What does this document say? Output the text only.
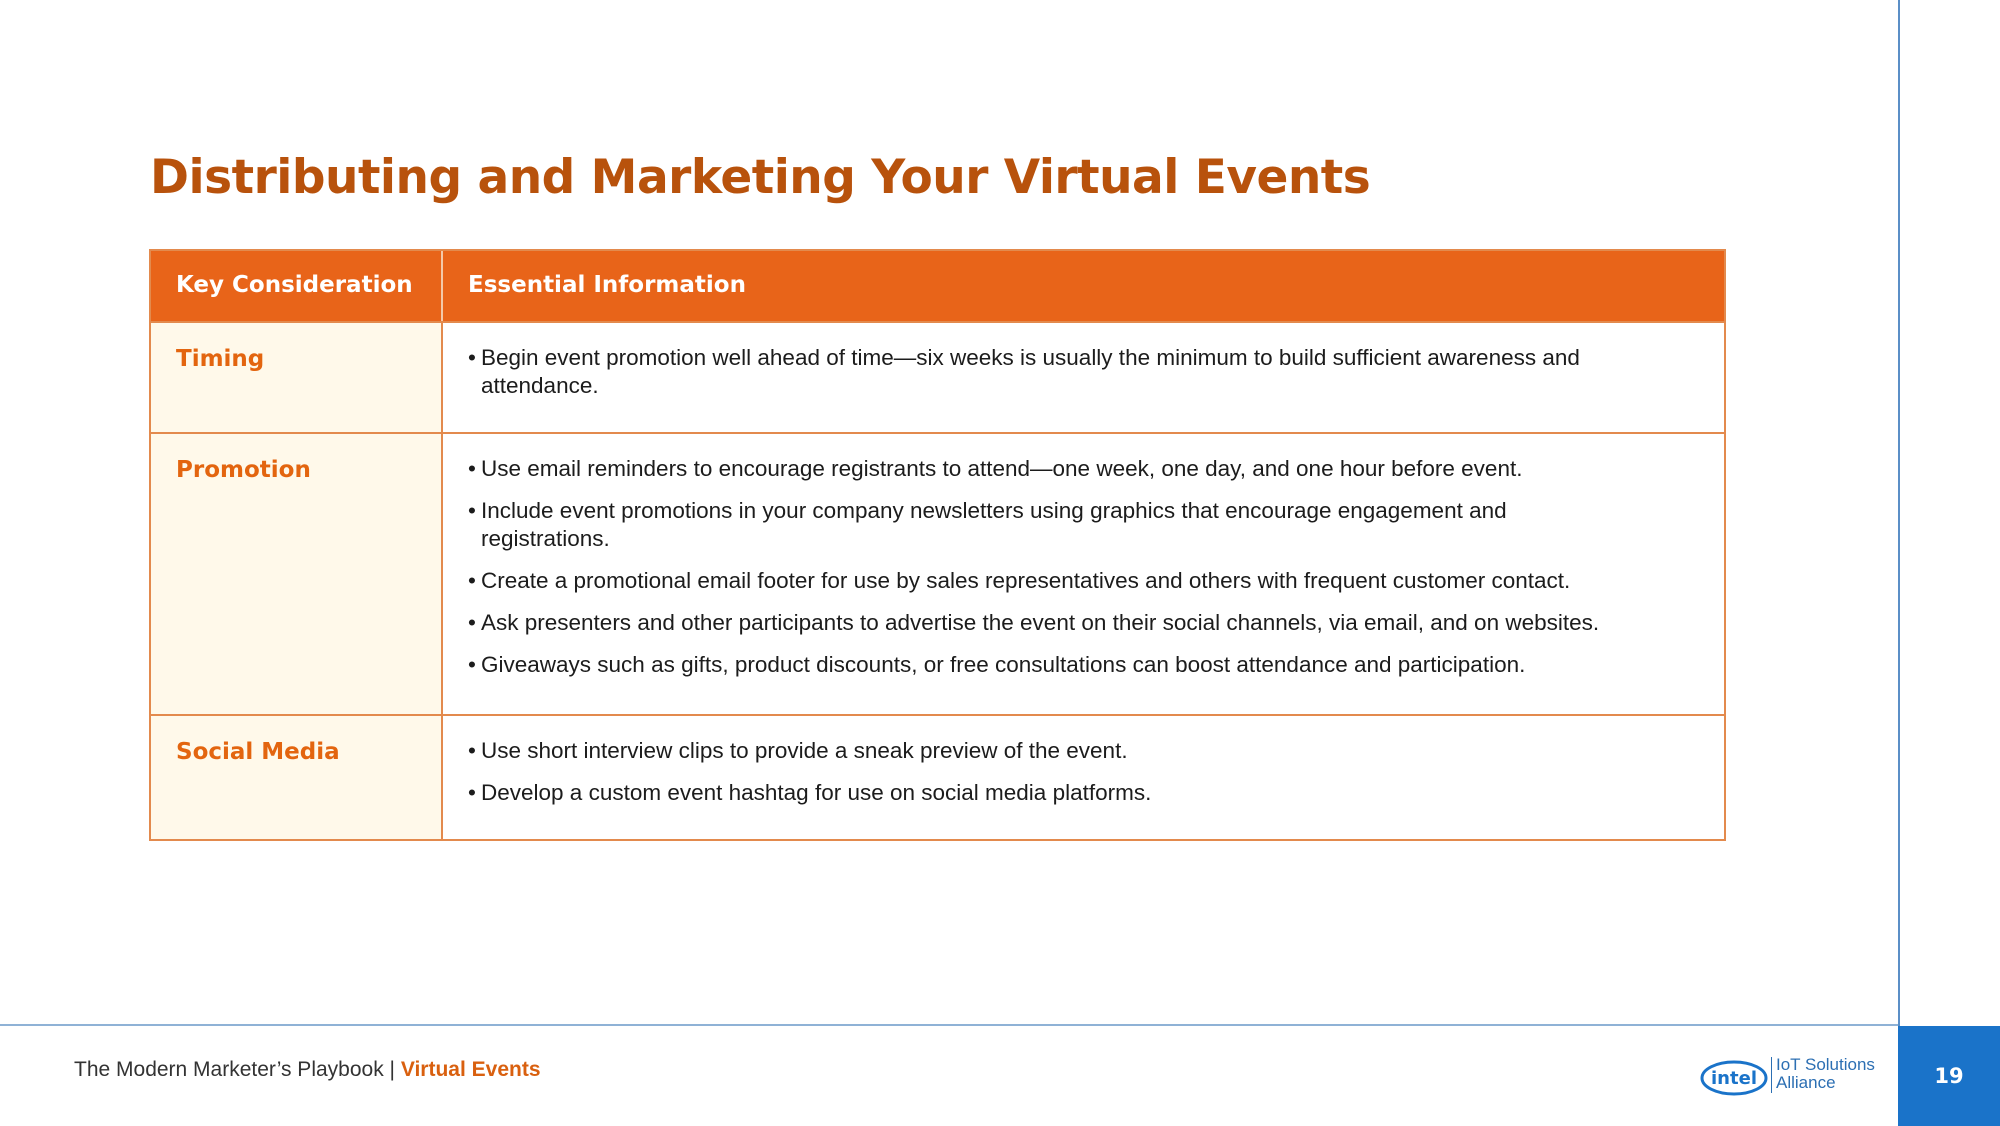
Distributing and Marketing Your Virtual Events
Key Consideration	Essential Information
Timing	• Begin event promotion well ahead of time—six weeks is usually the minimum to build sufficient awareness and attendance.
Promotion	• Use email reminders to encourage registrants to attend—one week, one day, and one hour before event.
• Include event promotions in your company newsletters using graphics that encourage engagement and registrations.
• Create a promotional email footer for use by sales representatives and others with frequent customer contact.
• Ask presenters and other participants to advertise the event on their social channels, via email, and on websites.
• Giveaways such as gifts, product discounts, or free consultations can boost attendance and participation.
Social Media	• Use short interview clips to provide a sneak preview of the event.
• Develop a custom event hashtag for use on social media platforms.
The Modern Marketer’s Playbook | Virtual Events	intel
IoT Solutions
Alliance	19
